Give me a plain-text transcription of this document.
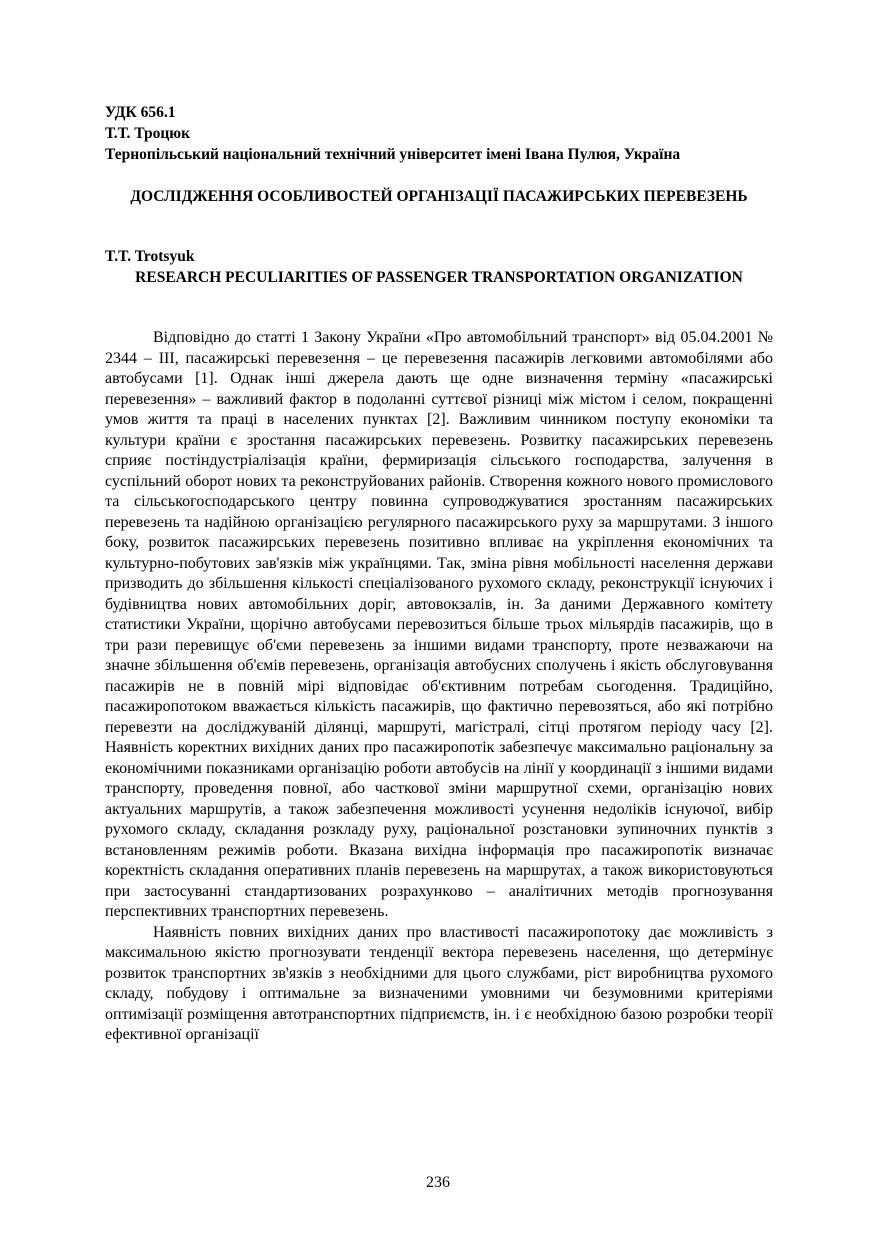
УДК 656.1
Т.Т. Троцюк
Тернопільський національний технічний університет імені Івана Пулюя, Україна
ДОСЛІДЖЕННЯ ОСОБЛИВОСТЕЙ ОРГАНІЗАЦІЇ ПАСАЖИРСЬКИХ ПЕРЕВЕЗЕНЬ
T.T. Trotsyuk
RESEARCH PECULIARITIES OF PASSENGER TRANSPORTATION ORGANIZATION

Відповідно до статті 1 Закону України «Про автомобільний транспорт» від 05.04.2001 № 2344 – III, пасажирські перевезення – це перевезення пасажирів легковими автомобілями або автобусами [1]. Однак інші джерела дають ще одне визначення терміну «пасажирські перевезення» – важливий фактор в подоланні суттєвої різниці між містом і селом, покращенні умов життя та праці в населених пунктах [2]. Важливим чинником поступу економіки та культури країни є зростання пасажирських перевезень. Розвитку пасажирських перевезень сприяє постіндустріалізація країни, фермиризація сільського господарства, залучення в суспільний оборот нових та реконструйованих районів. Створення кожного нового промислового та сільськогосподарського центру повинна супроводжуватися зростанням пасажирських перевезень та надійною організацією регулярного пасажирського руху за маршрутами. З іншого боку, розвиток пасажирських перевезень позитивно впливає на укріплення економічних та культурно-побутових зав'язків між українцями. Так, зміна рівня мобільності населення держави призводить до збільшення кількості спеціалізованого рухомого складу, реконструкції існуючих і будівництва нових автомобільних доріг, автовокзалів, ін. За даними Державного комітету статистики України, щорічно автобусами перевозиться більше трьох мільярдів пасажирів, що в три рази перевищує об'єми перевезень за іншими видами транспорту, проте незважаючи на значне збільшення об'ємів перевезень, організація автобусних сполучень і якість обслуговування пасажирів не в повній мірі відповідає об'єктивним потребам сьогодення. Традиційно, пасажиропотоком вважається кількість пасажирів, що фактично перевозяться, або які потрібно перевезти на досліджуваній ділянці, маршруті, магістралі, сітці протягом періоду часу [2]. Наявність коректних вихідних даних про пасажиропотік забезпечує максимально раціональну за економічними показниками організацію роботи автобусів на лінії у координації з іншими видами транспорту, проведення повної, або часткової зміни маршрутної схеми, організацію нових актуальних маршрутів, а також забезпечення можливості усунення недоліків існуючої, вибір рухомого складу, складання розкладу руху, раціональної розстановки зупиночних пунктів з встановленням режимів роботи. Вказана вихідна інформація про пасажиропотік визначає коректність складання оперативних планів перевезень на маршрутах, а також використовуються при застосуванні стандартизованих розрахунково – аналітичних методів прогнозування перспективних транспортних перевезень.

Наявність повних вихідних даних про властивості пасажиропотоку дає можливість з максимальною якістю прогнозувати тенденції вектора перевезень населення, що детермінує розвиток транспортних зв'язків з необхідними для цього службами, ріст виробництва рухомого складу, побудову і оптимальне за визначеними умовними чи безумовними критеріями оптимізації розміщення автотранспортних підприємств, ін. і є необхідною базою розробки теорії ефективної організації

236
